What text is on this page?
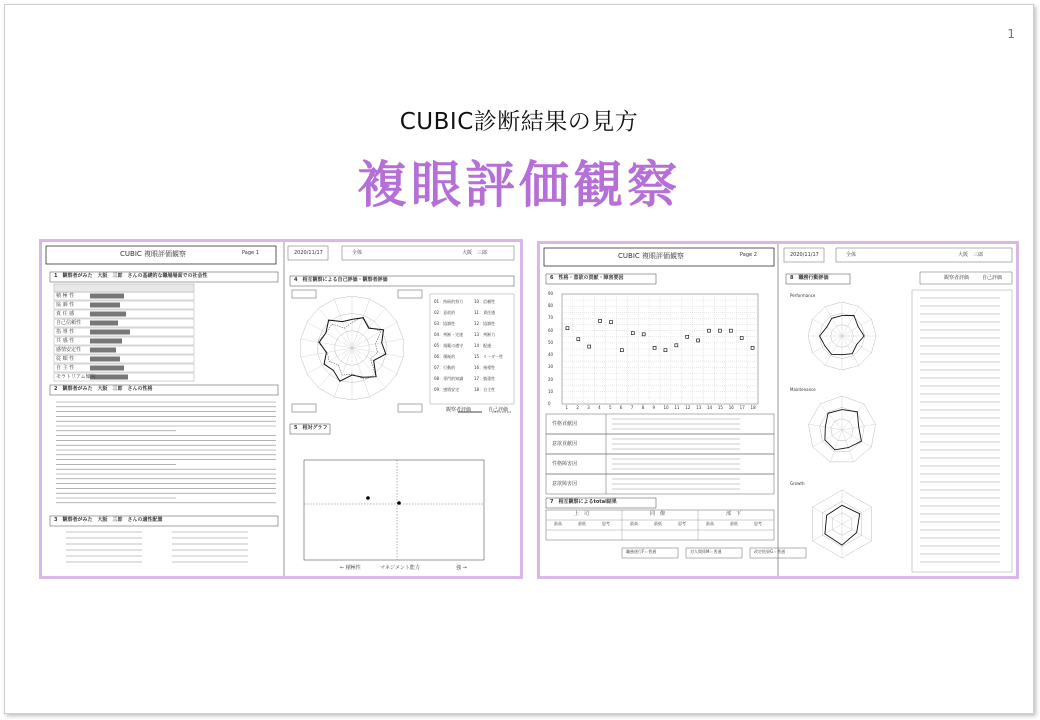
1
CUBIC診断結果の見方
複眼評価観察
CUBIC 複眼評価観察	Page 1	2020/11/17	全体	大阪　三郎
1　観察者がみた　大阪　三郎　さんの基礎的な職場場面での社会性
2　観察者がみた　大阪　三郎　さんの性格
3　観察者がみた　大阪　三郎　さんの適性配置
4　相互観察による自己評価・観察者評価
5　相対グラフ
観察者評価	自己評価
← 積極性	マネジメント能力	強 →
積 極 性
協 調 性
責 任 感
自己信頼性
指 導 性
共 感 性
感情安定性
従 順 性
自 主 性
モラトリアム傾向
01：持続的努力
02：意欲的
03：協調性
04：判断・完遂
05：規範の遵守
06：積極的
07：行動的
08：専門的知識
09：感情安定
10：信頼性
11：責任感
12：協調性
13：判断力
14：配慮
15：リーダー性
16：指導性
17：慎重性
18：自主性
CUBIC 複眼評価観察	Page 2	2020/11/17	全体	大阪　三郎
6　性格・意欲の貢献・障害要因
7　相互観察によるtotal結果
8　職務行動評価	観察者評価	自己評価
0
10
20
30
40
50
60
70
80
90
1 2 3 4 5 6 7 8 9 10 11 12 13 14 15 16 17 18
性格貢献因
意欲貢献因
性格障害因
意欲障害因
上　司
最高	最低	思考
同　僚
最高	最低	思考
部　下
最高	最低	思考
職務遂行F＝普通	対人関係M＝普通	改定結果G＝普通
Performance
Maintenance
Growth
